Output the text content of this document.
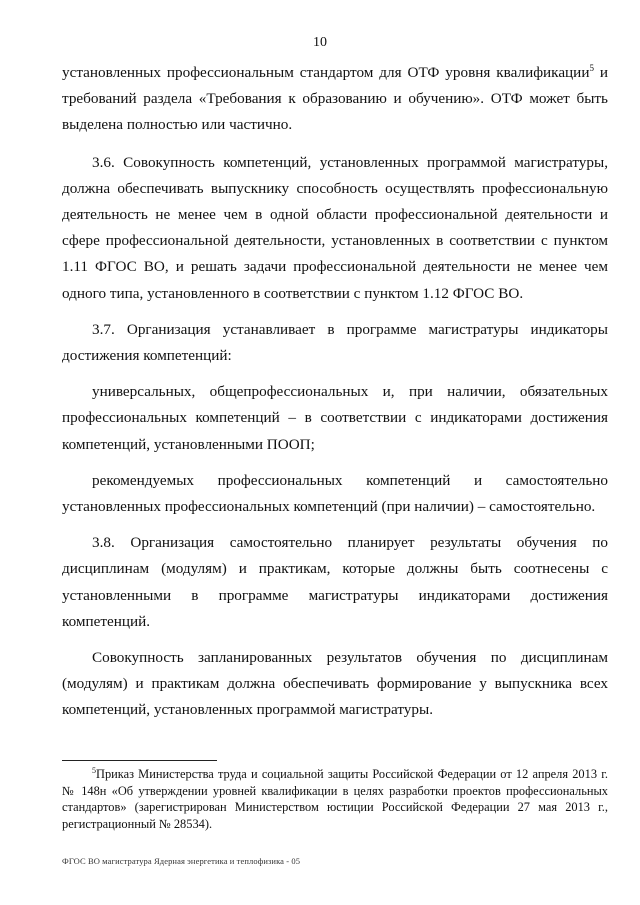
10

установленных профессиональным стандартом для ОТФ уровня квалификации$^5$ и требований раздела «Требования к образованию и обучению». ОТФ может быть выделена полностью или частично.

3.6. Совокупность компетенций, установленных программой магистратуры, должна обеспечивать выпускнику способность осуществлять профессиональную деятельность не менее чем в одной области профессиональной деятельности и сфере профессиональной деятельности, установленных в соответствии с пунктом 1.11 ФГОС ВО, и решать задачи профессиональной деятельности не менее чем одного типа, установленного в соответствии с пунктом 1.12 ФГОС ВО.

3.7. Организация устанавливает в программе магистратуры индикаторы достижения компетенций:

универсальных, общепрофессиональных и, при наличии, обязательных профессиональных компетенций – в соответствии с индикаторами достижения компетенций, установленными ПООП;

рекомендуемых профессиональных компетенций и самостоятельно установленных профессиональных компетенций (при наличии) – самостоятельно.

3.8. Организация самостоятельно планирует результаты обучения по дисциплинам (модулям) и практикам, которые должны быть соотнесены с установленными в программе магистратуры индикаторами достижения компетенций.

Совокупность запланированных результатов обучения по дисциплинам (модулям) и практикам должна обеспечивать формирование у выпускника всех компетенций, установленных программой магистратуры.

$^5$Приказ Министерства труда и социальной защиты Российской Федерации от 12 апреля 2013 г. № 148н «Об утверждении уровней квалификации в целях разработки проектов профессиональных стандартов» (зарегистрирован Министерством юстиции Российской Федерации 27 мая 2013 г., регистрационный № 28534).

ФГОС ВО магистратура Ядерная энергетика и теплофизика - 05
